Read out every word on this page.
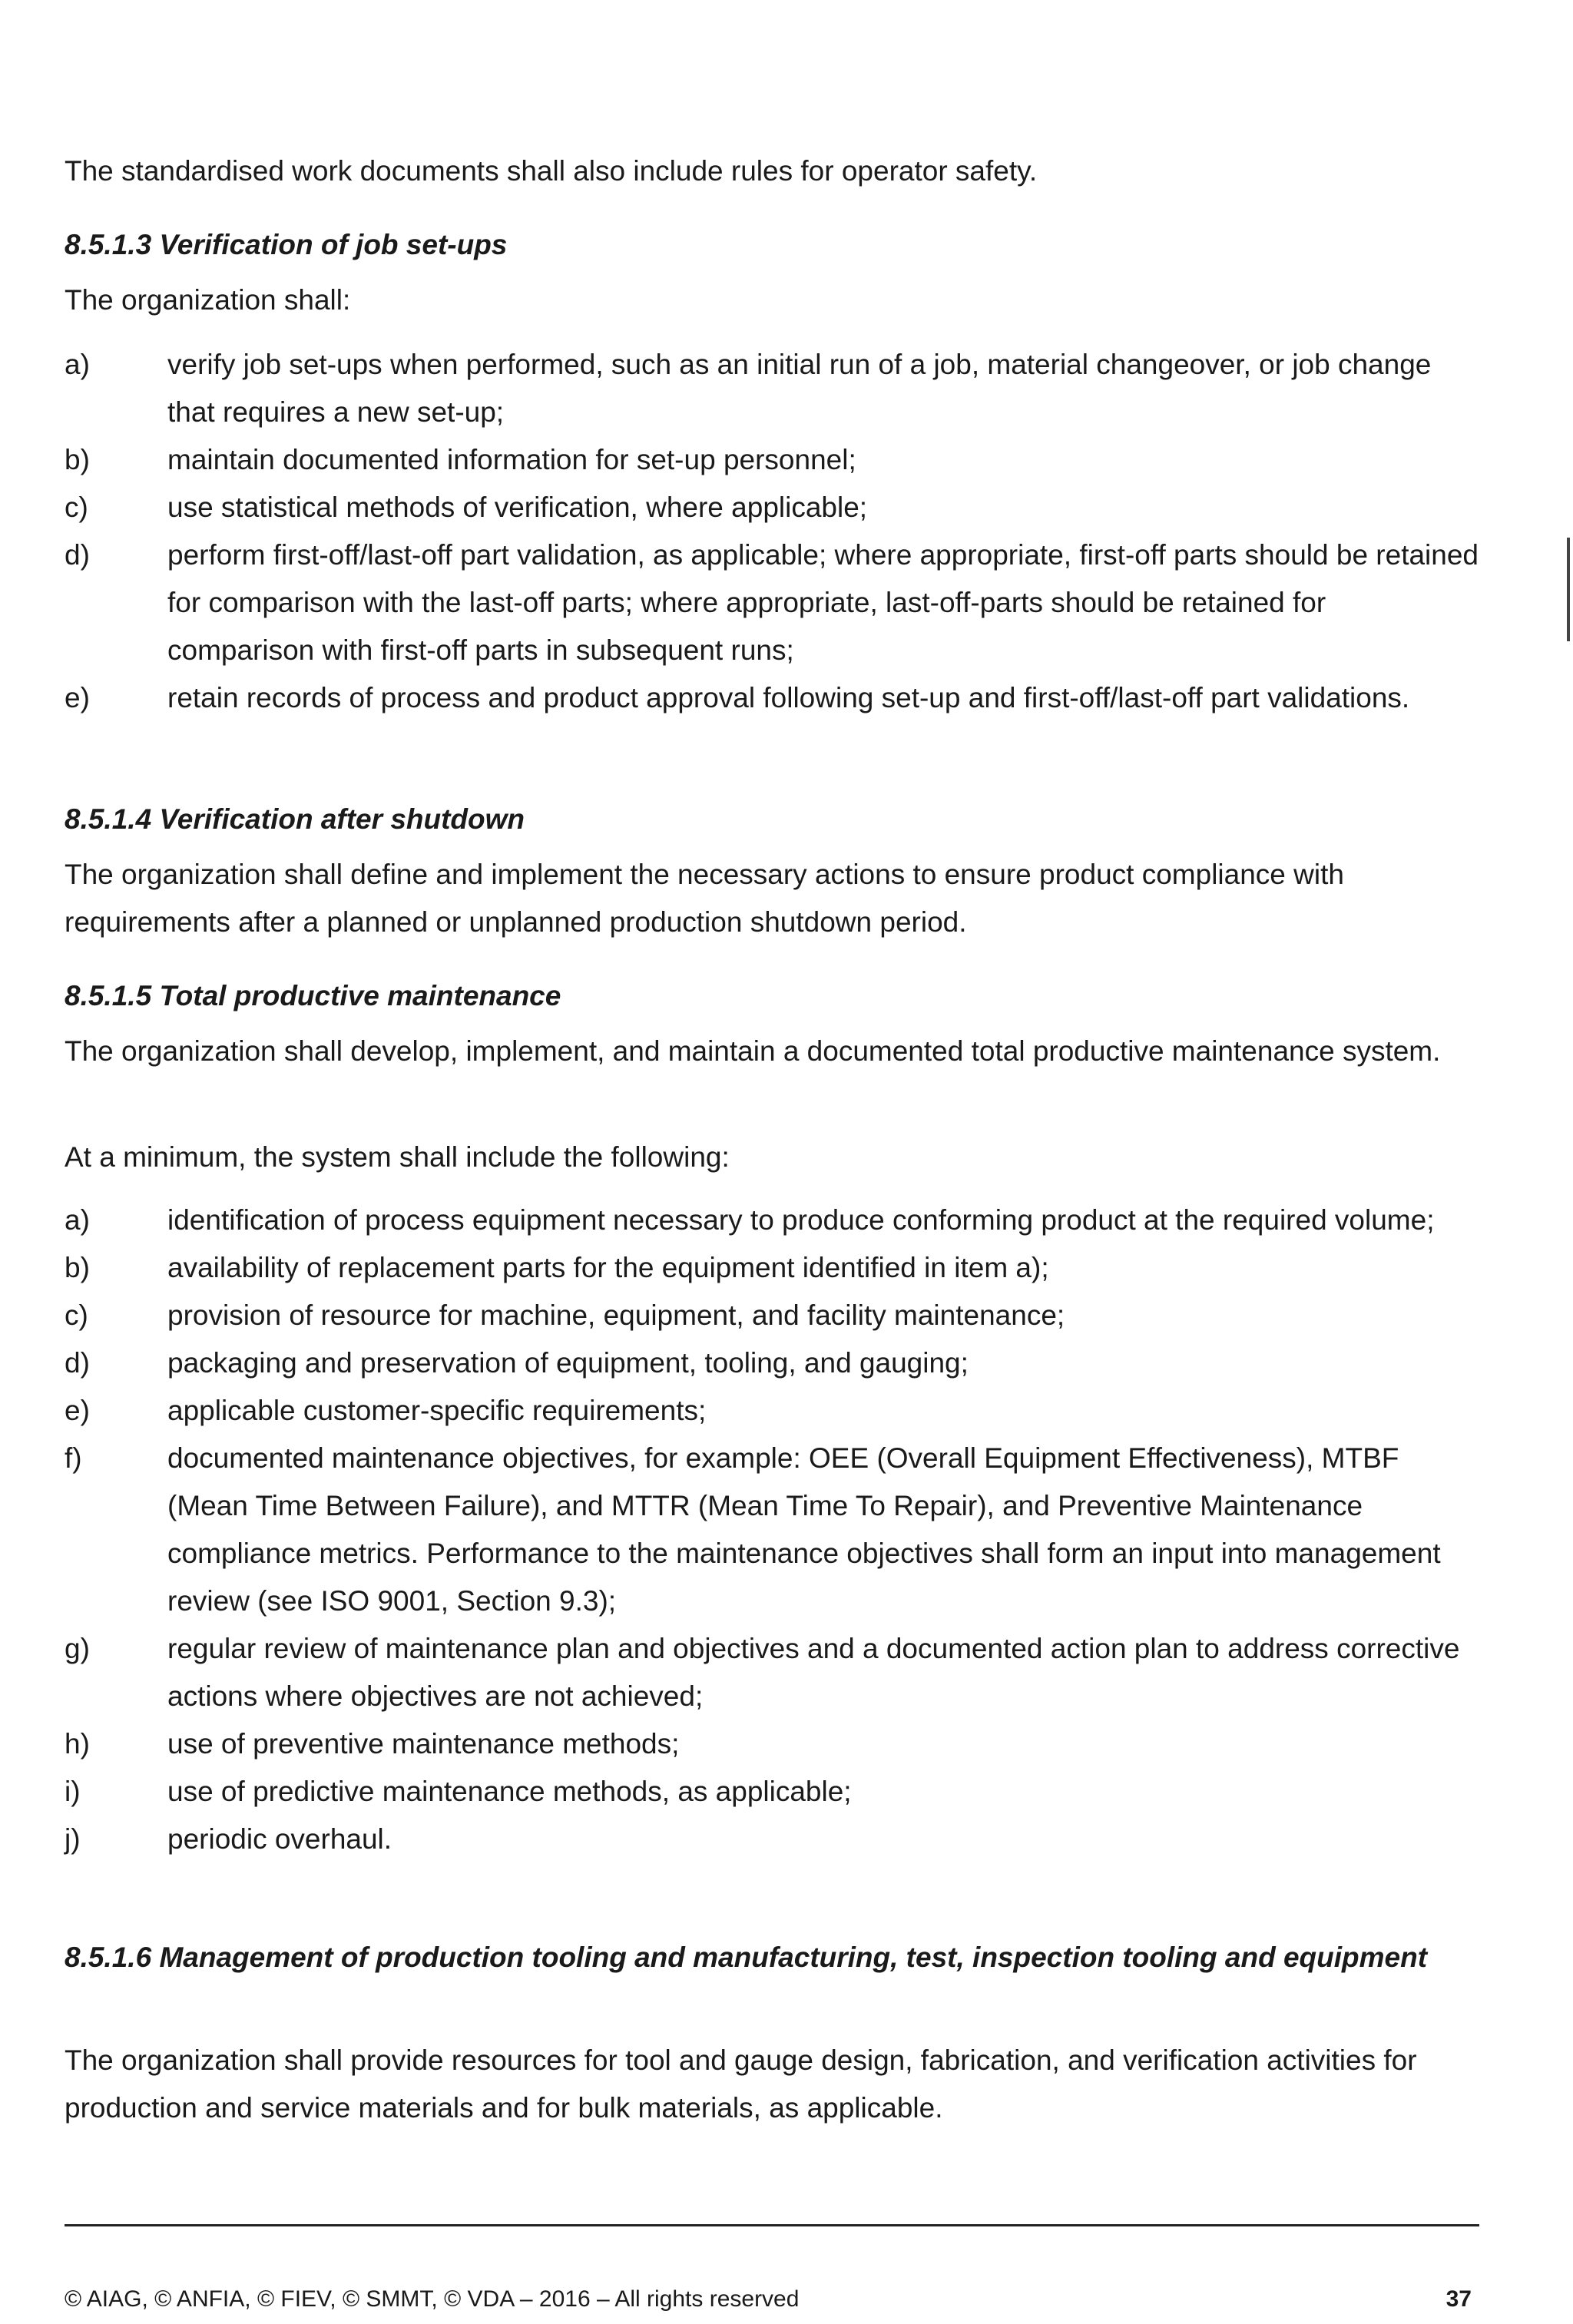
The standardised work documents shall also include rules for operator safety.

8.5.1.3 Verification of job set-ups

The organization shall:

a)	verify job set-ups when performed, such as an initial run of a job, material changeover, or job change that requires a new set-up;
b)	maintain documented information for set-up personnel;
c)	use statistical methods of verification, where applicable;
d)	perform first-off/last-off part validation, as applicable; where appropriate, first-off parts should be retained for comparison with the last-off parts; where appropriate, last-off-parts should be retained for comparison with first-off parts in subsequent runs;
e)	retain records of process and product approval following set-up and first-off/last-off part validations.
8.5.1.4 Verification after shutdown

The organization shall define and implement the necessary actions to ensure product compliance with requirements after a planned or unplanned production shutdown period.

8.5.1.5 Total productive maintenance

The organization shall develop, implement, and maintain a documented total productive maintenance system.

At a minimum, the system shall include the following:

a)	identification of process equipment necessary to produce conforming product at the required volume;
b)	availability of replacement parts for the equipment identified in item a);
c)	provision of resource for machine, equipment, and facility maintenance;
d)	packaging and preservation of equipment, tooling, and gauging;
e)	applicable customer-specific requirements;
f)	documented maintenance objectives, for example: OEE (Overall Equipment Effectiveness), MTBF (Mean Time Between Failure), and MTTR (Mean Time To Repair), and Preventive Maintenance compliance metrics. Performance to the maintenance objectives shall form an input into management review (see ISO 9001, Section 9.3);
g)	regular review of maintenance plan and objectives and a documented action plan to address corrective actions where objectives are not achieved;
h)	use of preventive maintenance methods;
i)	use of predictive maintenance methods, as applicable;
j)	periodic overhaul.
8.5.1.6 Management of production tooling and manufacturing, test, inspection tooling and equipment

The organization shall provide resources for tool and gauge design, fabrication, and verification activities for production and service materials and for bulk materials, as applicable.

© AIAG, © ANFIA, © FIEV, © SMMT, © VDA – 2016 – All rights reserved	37
